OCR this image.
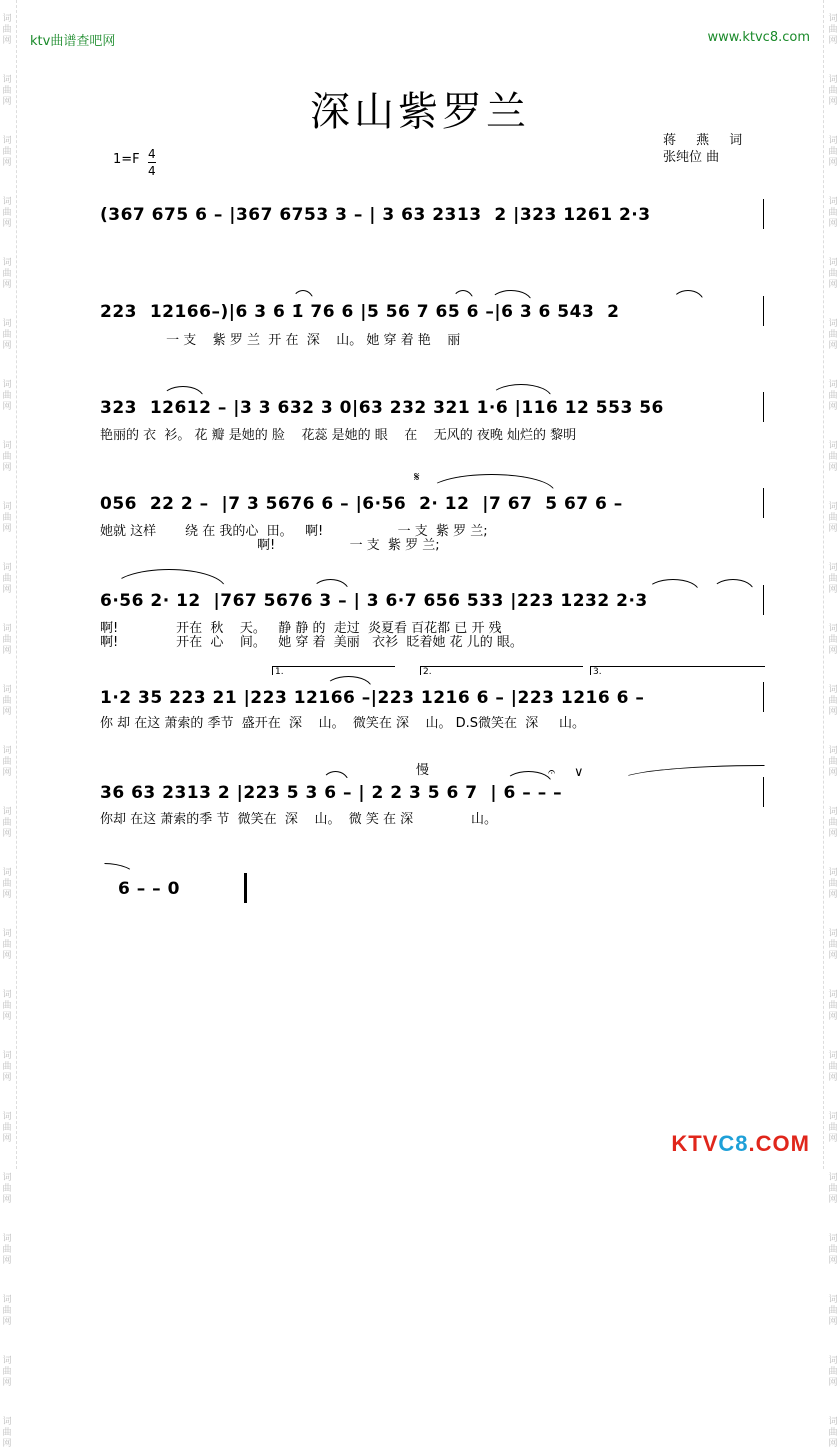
词
曲
网
词
曲
网
词
曲
网
词
曲
网
词
曲
网
词
曲
网
词
曲
网
词
曲
网
词
曲
网
词
曲
网
词
曲
网
词
曲
网
词
曲
网
词
曲
网
词
曲
网
词
曲
网
词
曲
网
词
曲
网
词
曲
网
词
曲
网
词
曲
网
词
曲
网
词
曲
网
词
曲
网
词
曲
网
词
曲
网
词
曲
网
词
曲
网
词
曲
网
词
曲
网
词
曲
网
词
曲
网
词
曲
网
词
曲
网
词
曲
网
词
曲
网
词
曲
网
词
曲
网
词
曲
网
词
曲
网
词
曲
网
词
曲
网
词
曲
网
词
曲
网
词
曲
网
词
曲
网
词
曲
网
词
曲
网
ktv曲谱查吧网	www.ktvc8.com
深山紫罗兰
蒋 燕 词
张纯位 曲
$1=F \frac{4}{4}$
(367 675 6 – |367 6753 3 – | 3 63 2313  2 |323 1261 2·3
223  12166–)|6 3 6 1̇ 76 6 |5 56 7 65 6 –|6 3 6 543  2
一 支    紫 罗 兰  开 在  深    山。 她 穿 着 艳    丽
323  12612 – |3 3 632 3 0|63 232 321 1·6 |116 12 553 56
艳丽的 衣  衫。 花 瓣 是她的 脸    花蕊 是她的 眼    在    无风的 夜晚 灿烂的 黎明
𝄋
056  22 2 –  |7 3 5676 6 – |6·56  2· 12  |7 67  5 67 6 –
她就 这样       绕 在 我的心  田。   啊!                  一 支  紫 罗 兰;
啊!                  一 支  紫 罗 兰;
6·56 2· 12  |767 5676 3 – | 3 6·7 656 533 |223 1232 2·3
啊!              开在  秋    天。   静 静 的  走过  炎夏看 百花都 已 开 残
啊!              开在  心    间。   她 穿 着  美丽   衣衫  眨着她 花 儿的 眼。
1.	2.	3.
1·2 35 223 21 |223 12166 –|223 1216 6 – |223 1216 6 –
你 却 在这 萧索的 季节  盛开在  深    山。  微笑在 深    山。 D.S微笑在  深     山。
慢	𝄐 ∨
36 63 2313 2 |223 5 3 6 – | 2 2 3 5 6 7  | 6 – – –
你却 在这 萧索的季 节  微笑在  深    山。  微 笑 在 深              山。
6 – – 0
KTVC8.COM
